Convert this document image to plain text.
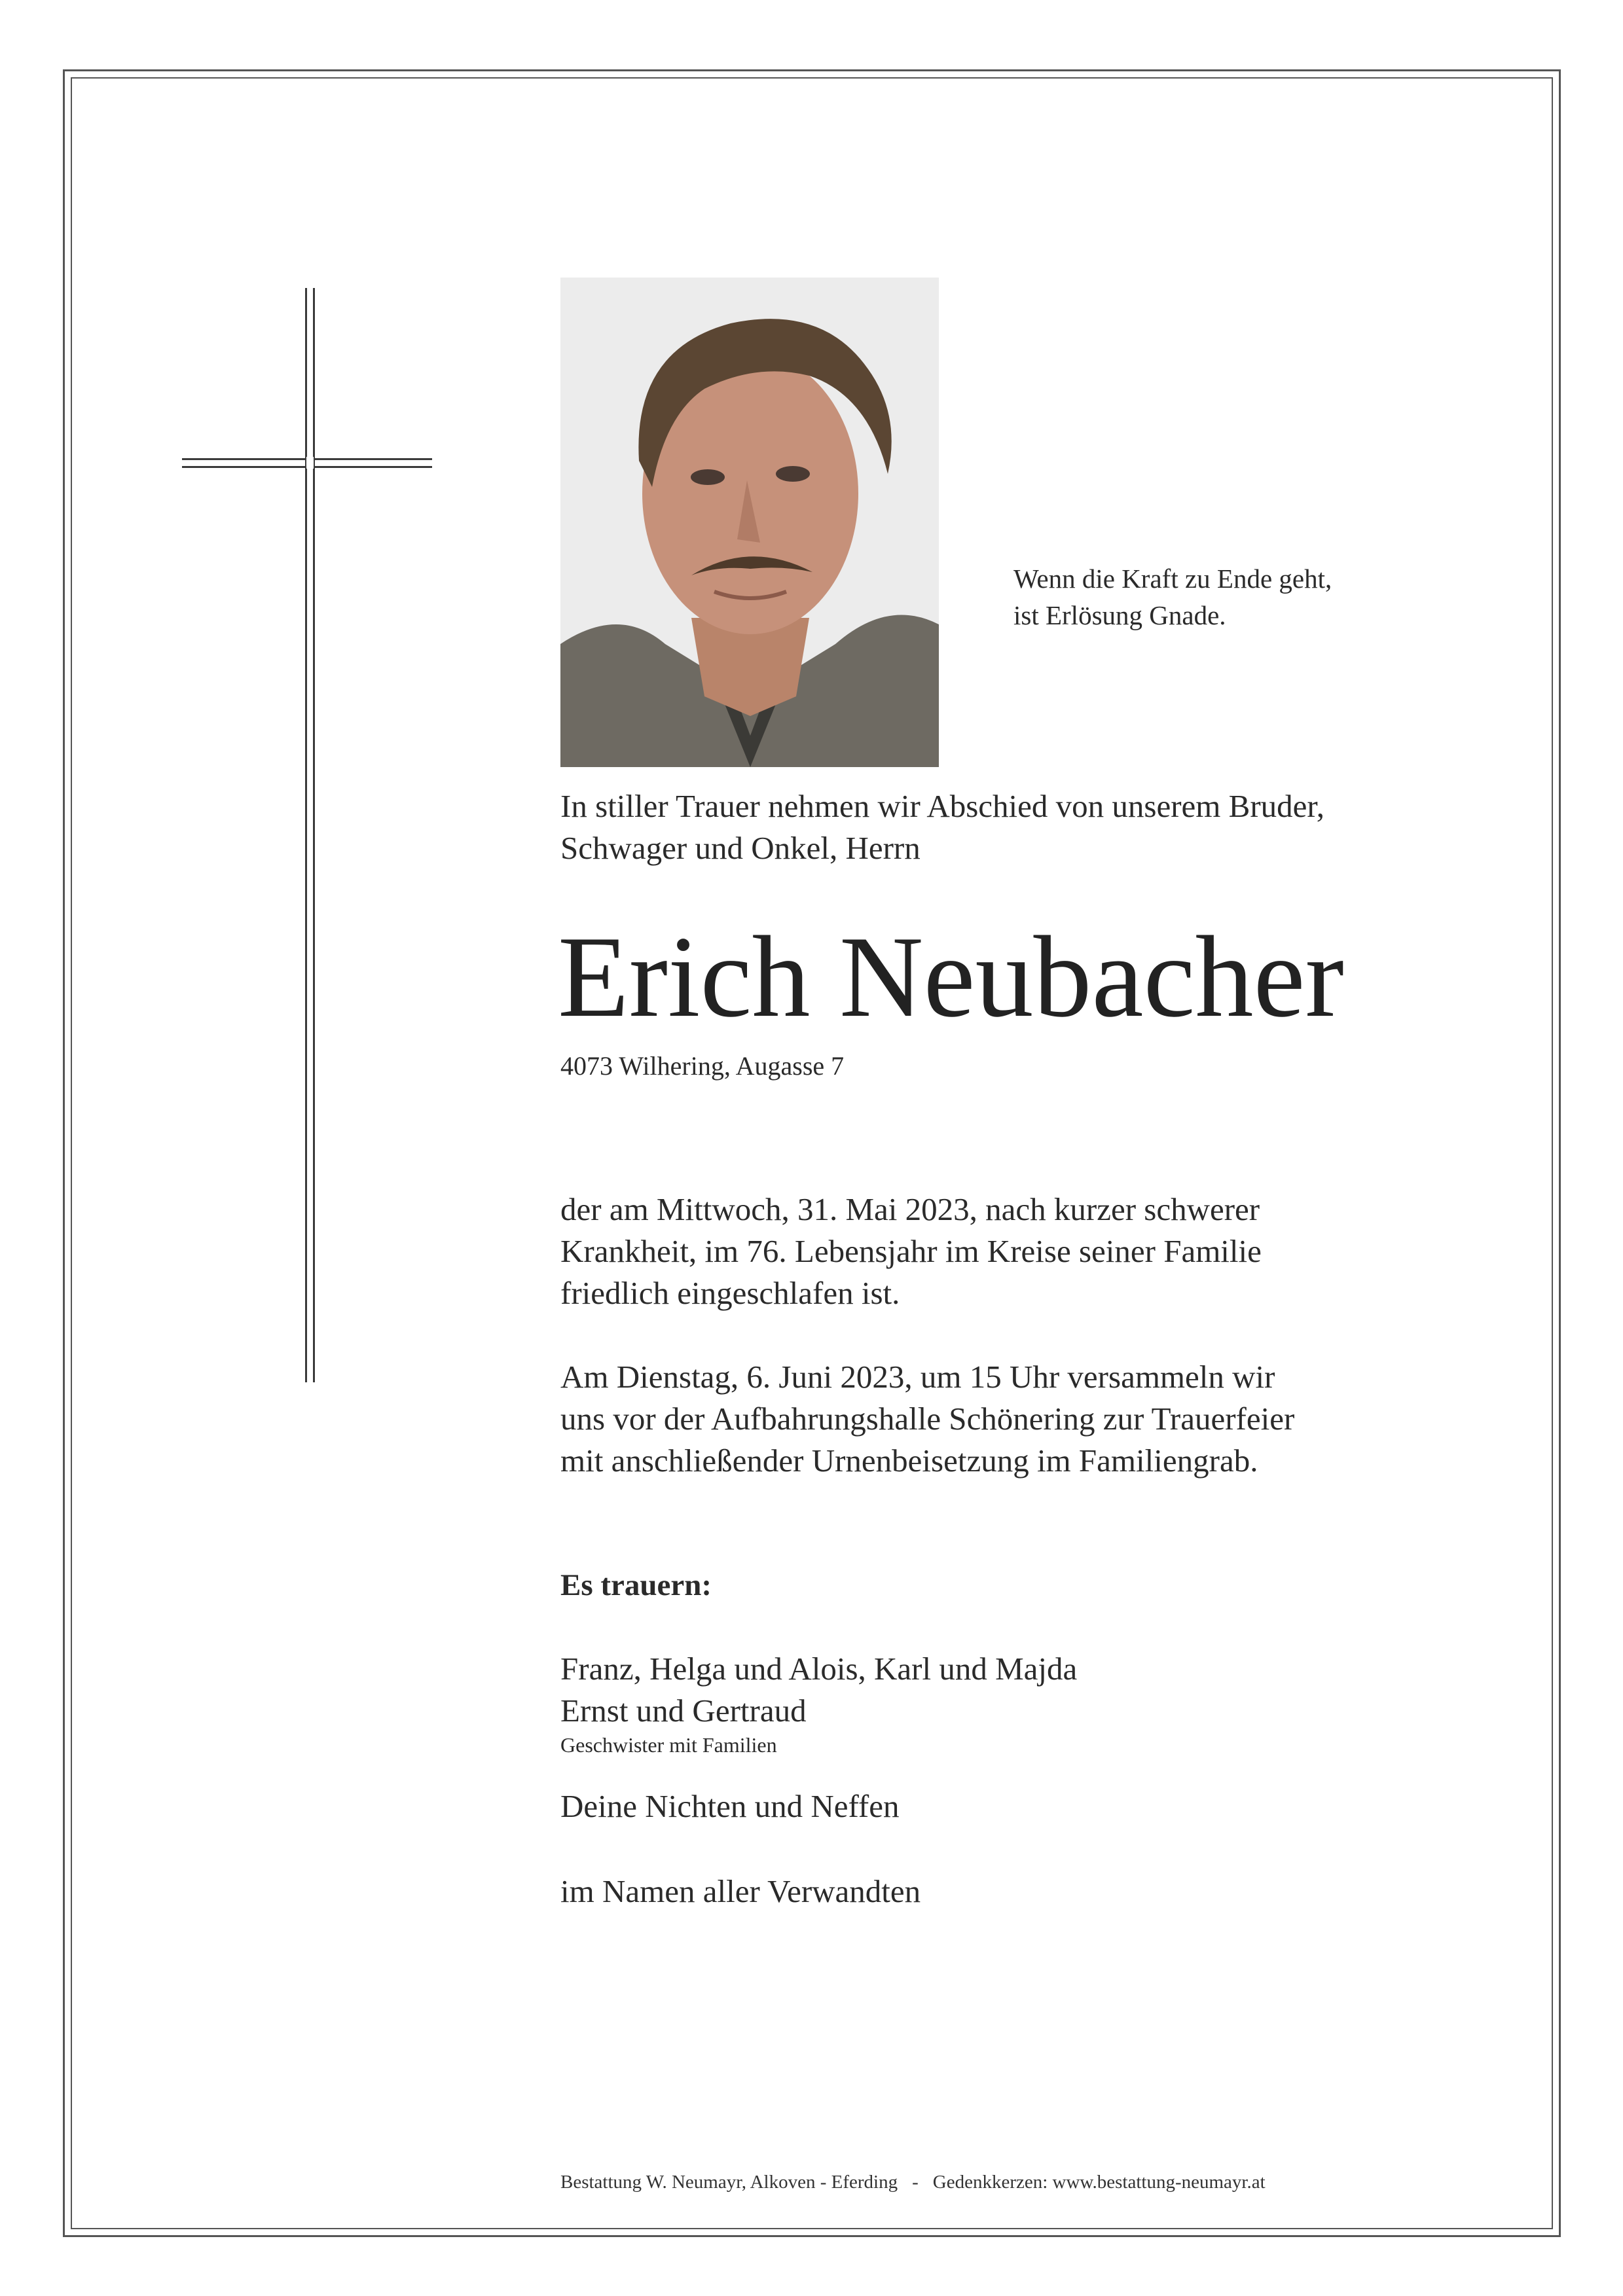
Wenn die Kraft zu Ende geht,
ist Erlösung Gnade.
In stiller Trauer nehmen wir Abschied von unserem Bruder,
Schwager und Onkel, Herrn
Erich Neubacher
4073 Wilhering, Augasse 7
der am Mittwoch, 31. Mai 2023, nach kurzer schwerer
Krankheit, im 76. Lebensjahr im Kreise seiner Familie
friedlich eingeschlafen ist.
Am Dienstag, 6. Juni 2023, um 15 Uhr versammeln wir
uns vor der Aufbahrungshalle Schönering zur Trauerfeier
mit anschließender Urnenbeisetzung im Familiengrab.
Es trauern:
Franz, Helga und Alois, Karl und Majda
Ernst und Gertraud
Geschwister mit Familien
Deine Nichten und Neffen
im Namen aller Verwandten
Bestattung W. Neumayr, Alkoven - Eferding - Gedenkkerzen: www.bestattung-neumayr.at
